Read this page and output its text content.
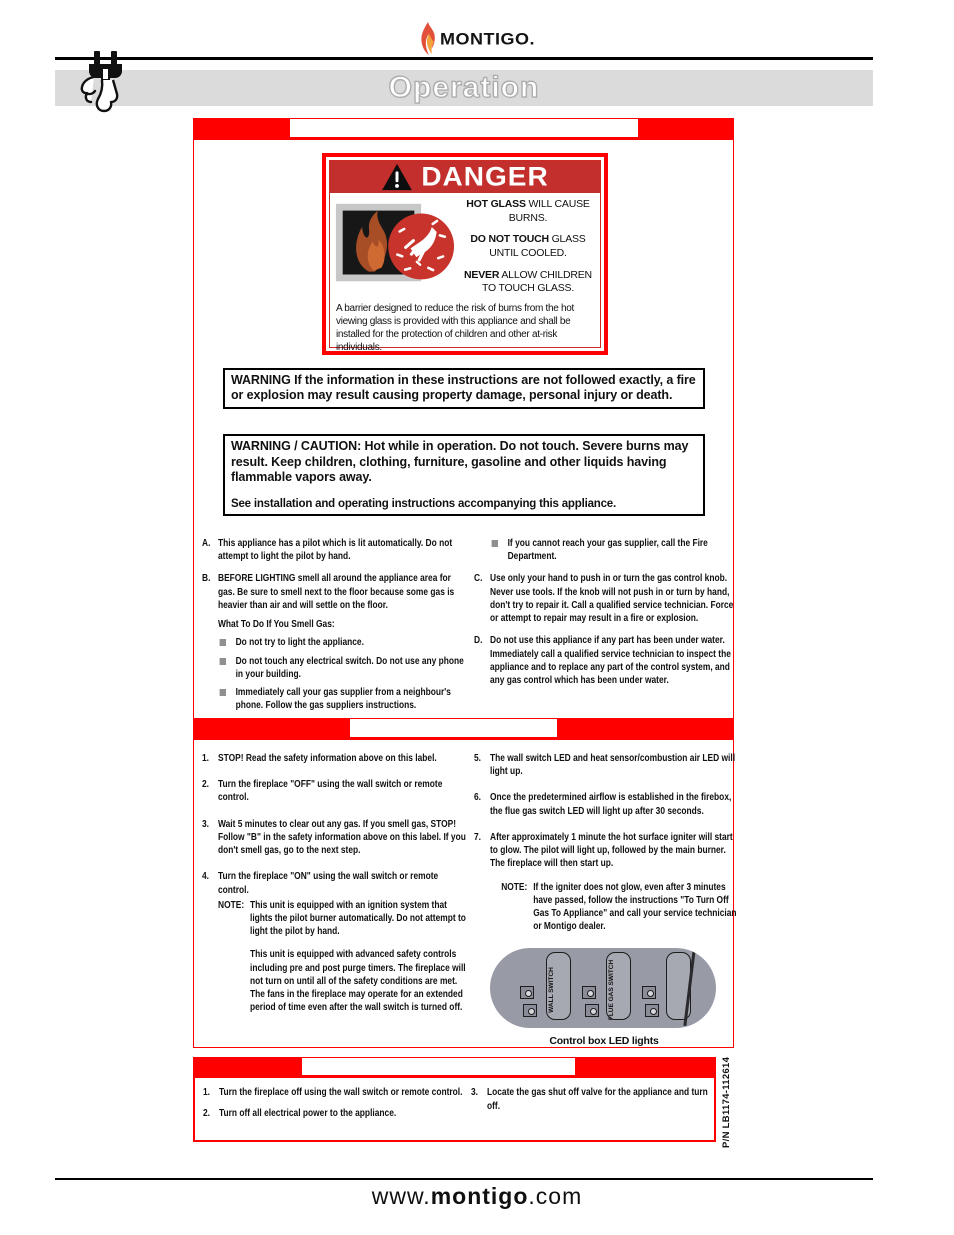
MONTIGO.
Operation
DANGER
HOT GLASS WILL CAUSE BURNS.
DO NOT TOUCH GLASS UNTIL COOLED.
NEVER ALLOW CHILDREN TO TOUCH GLASS.
A barrier designed to reduce the risk of burns from the hot viewing glass is provided with this appliance and shall be installed for the protection of children and other at-risk individuals.

WARNING If the information in these instructions are not followed exactly, a fire or explosion may result causing property damage, personal injury or death.

WARNING / CAUTION: Hot while in operation. Do not touch. Severe burns may result. Keep children, clothing, furniture, gasoline and other liquids having flammable vapors away.

See installation and operating instructions accompanying this appliance.

A. This appliance has a pilot which is lit automatically. Do not attempt to light the pilot by hand.
B. BEFORE LIGHTING smell all around the appliance area for gas. Be sure to smell next to the floor because some gas is heavier than air and will settle on the floor.
What To Do If You Smell Gas:
Do not try to light the appliance.
Do not touch any electrical switch. Do not use any phone in your building.
Immediately call your gas supplier from a neighbour's phone. Follow the gas suppliers instructions.
If you cannot reach your gas supplier, call the Fire Department.
C. Use only your hand to push in or turn the gas control knob. Never use tools. If the knob will not push in or turn by hand, don't try to repair it. Call a qualified service technician. Force or attempt to repair may result in a fire or explosion.
D. Do not use this appliance if any part has been under water. Immediately call a qualified service technician to inspect the appliance and to replace any part of the control system, and any gas control which has been under water.
1. STOP! Read the safety information above on this label.
2. Turn the fireplace "OFF" using the wall switch or remote control.
3. Wait 5 minutes to clear out any gas. If you smell gas, STOP! Follow "B" in the safety information above on this label. If you don't smell gas, go to the next step.
4. Turn the fireplace "ON" using the wall switch or remote control.
NOTE: This unit is equipped with an ignition system that lights the pilot burner automatically. Do not attempt to light the pilot by hand.
This unit is equipped with advanced safety controls including pre and post purge timers. The fireplace will not turn on until all of the safety conditions are met. The fans in the fireplace may operate for an extended period of time even after the wall switch is turned off.
5. The wall switch LED and heat sensor/combustion air LED will light up.
6. Once the predetermined airflow is established in the firebox, the flue gas switch LED will light up after 30 seconds.
7. After approximately 1 minute the hot surface igniter will start to glow. The pilot will light up, followed by the main burner. The fireplace will then start up.
NOTE: If the igniter does not glow, even after 3 minutes have passed, follow the instructions "To Turn Off Gas To Appliance" and call your service technician or Montigo dealer.
WALL SWITCH	FLUE GAS SWITCH
Control box LED lights
1. Turn the fireplace off using the wall switch or remote control.
2. Turn off all electrical power to the appliance.
3. Locate the gas shut off valve for the appliance and turn off.	P/N LB1174-112614
www.montigo.com
